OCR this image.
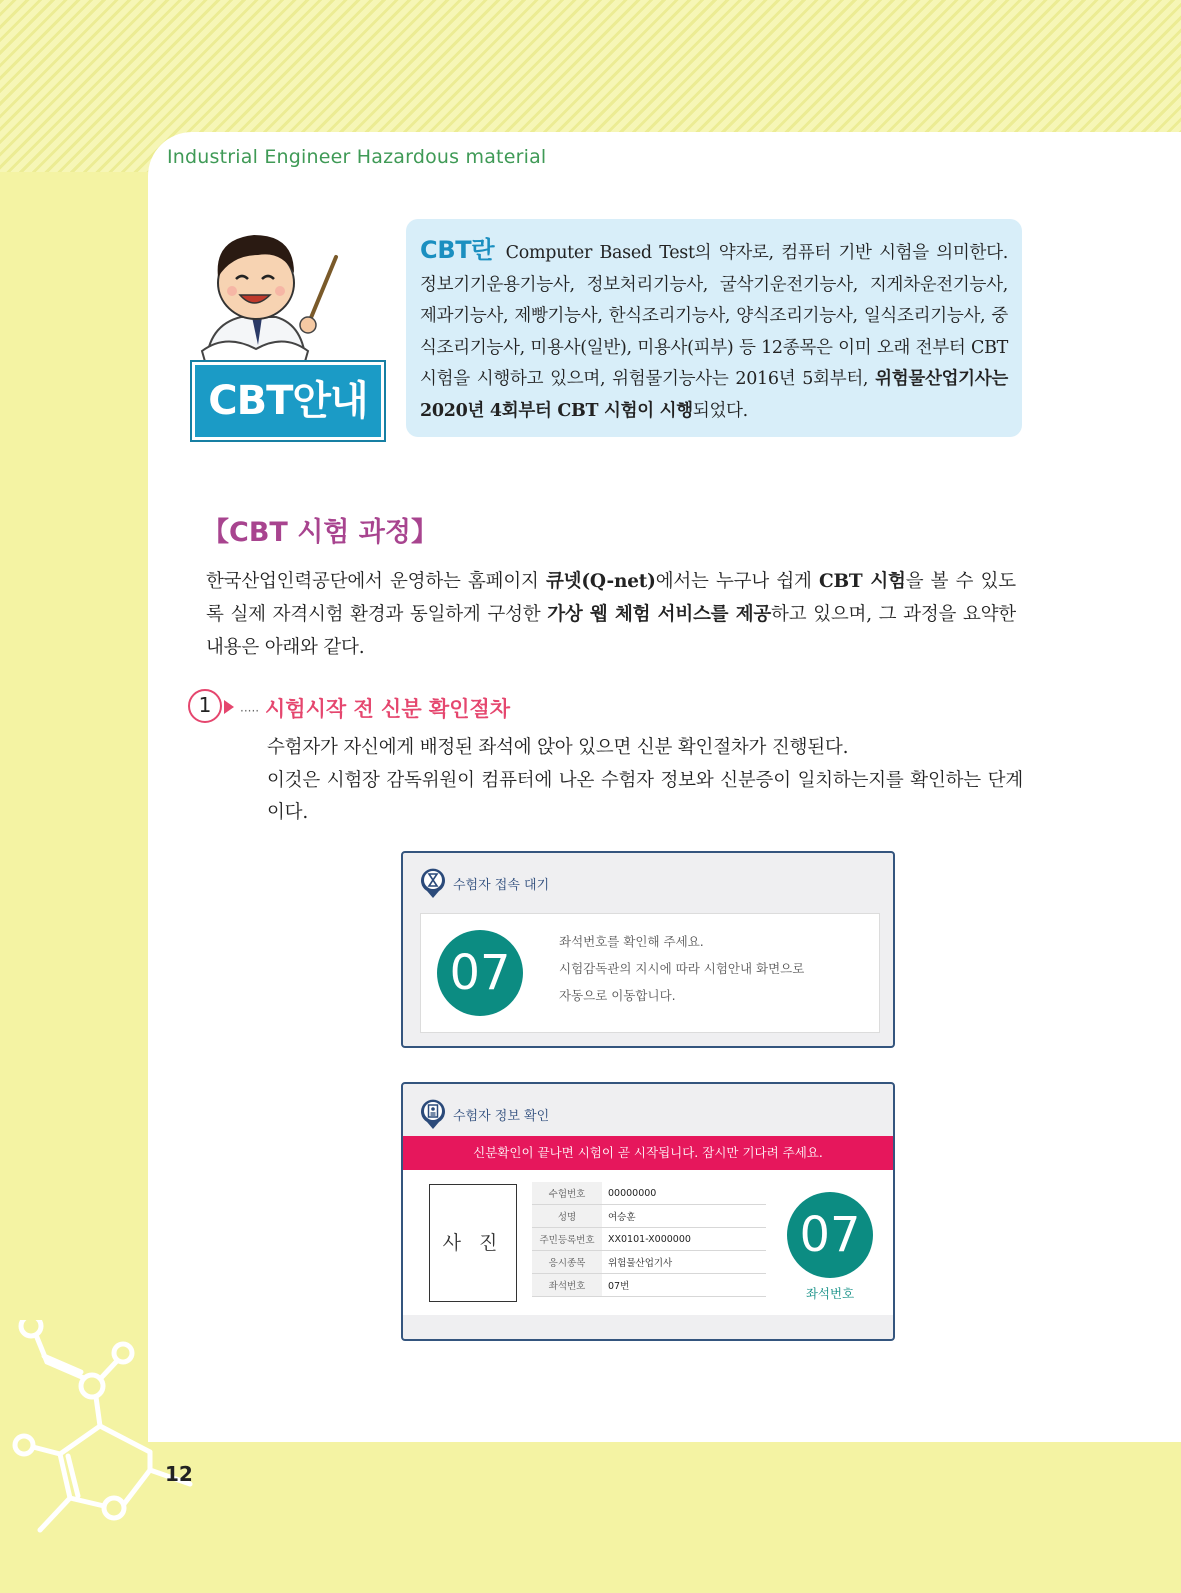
Industrial Engineer Hazardous material
12
CBT안내
CBT란 Computer Based Test의 약자로, 컴퓨터 기반 시험을 의미한다. 정보기기운용기능사, 정보처리기능사, 굴삭기운전기능사, 지게차운전기능사, 제과기능사, 제빵기능사, 한식조리기능사, 양식조리기능사, 일식조리기능사, 중식조리기능사, 미용사(일반), 미용사(피부) 등 12종목은 이미 오래 전부터 CBT 시험을 시행하고 있으며, 위험물기능사는 2016년 5회부터, 위험물산업기사는 2020년 4회부터 CBT 시험이 시행되었다.
【CBT 시험 과정】
한국산업인력공단에서 운영하는 홈페이지 큐넷(Q-net)에서는 누구나 쉽게 CBT 시험을 볼 수 있도록 실제 자격시험 환경과 동일하게 구성한 가상 웹 체험 서비스를 제공하고 있으며, 그 과정을 요약한 내용은 아래와 같다.
1	····· 시험시작 전 신분 확인절차
수험자가 자신에게 배정된 좌석에 앉아 있으면 신분 확인절차가 진행된다.
이것은 시험장 감독위원이 컴퓨터에 나온 수험자 정보와 신분증이 일치하는지를 확인하는 단계이다.
수험자 접속 대기
07
좌석번호를 확인해 주세요.
시험감독관의 지시에 따라 시험안내 화면으로
자동으로 이동합니다.
수험자 정보 확인
신분확인이 끝나면 시험이 곧 시작됩니다. 잠시만 기다려 주세요.
사 진
수험번호	00000000
성명	여승훈
주민등록번호	XX0101-X000000
응시종목	위험물산업기사
좌석번호	07번
07
좌석번호
